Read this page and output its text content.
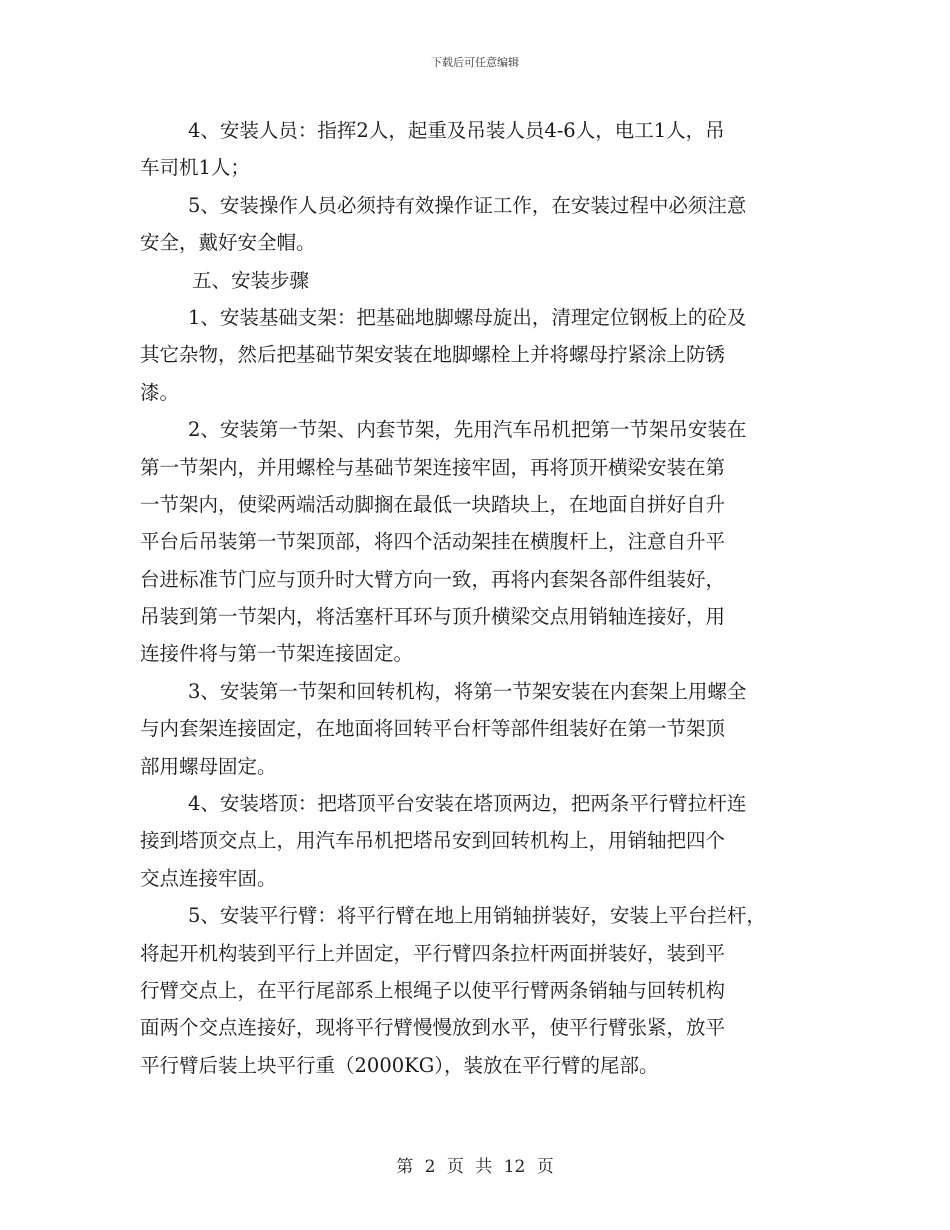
下载后可任意编辑
4、安装人员：指挥2人，起重及吊装人员4-6人，电工1人，吊
车司机1人；
5、安装操作人员必须持有效操作证工作，在安装过程中必须注意
安全，戴好安全帽。
五、安装步骤
1、安装基础支架：把基础地脚螺母旋出，清理定位钢板上的砼及
其它杂物，然后把基础节架安装在地脚螺栓上并将螺母拧紧涂上防锈
漆。
2、安装第一节架、内套节架，先用汽车吊机把第一节架吊安装在
第一节架内，并用螺栓与基础节架连接牢固，再将顶开横梁安装在第
一节架内，使梁两端活动脚搁在最低一块踏块上，在地面自拼好自升
平台后吊装第一节架顶部，将四个活动架挂在横腹杆上，注意自升平
台进标准节门应与顶升时大臂方向一致，再将内套架各部件组装好，
吊装到第一节架内，将活塞杆耳环与顶升横梁交点用销轴连接好，用
连接件将与第一节架连接固定。
3、安装第一节架和回转机构，将第一节架安装在内套架上用螺全
与内套架连接固定，在地面将回转平台杆等部件组装好在第一节架顶
部用螺母固定。
4、安装塔顶：把塔顶平台安装在塔顶两边，把两条平行臂拉杆连
接到塔顶交点上，用汽车吊机把塔吊安到回转机构上，用销轴把四个
交点连接牢固。
5、安装平行臂：将平行臂在地上用销轴拼装好，安装上平台拦杆，
将起开机构装到平行上并固定，平行臂四条拉杆两面拼装好，装到平
行臂交点上，在平行尾部系上根绳子以使平行臂两条销轴与回转机构
面两个交点连接好，现将平行臂慢慢放到水平，使平行臂张紧，放平
平行臂后装上块平行重（2000KG），装放在平行臂的尾部。
第 2 页 共 12 页
